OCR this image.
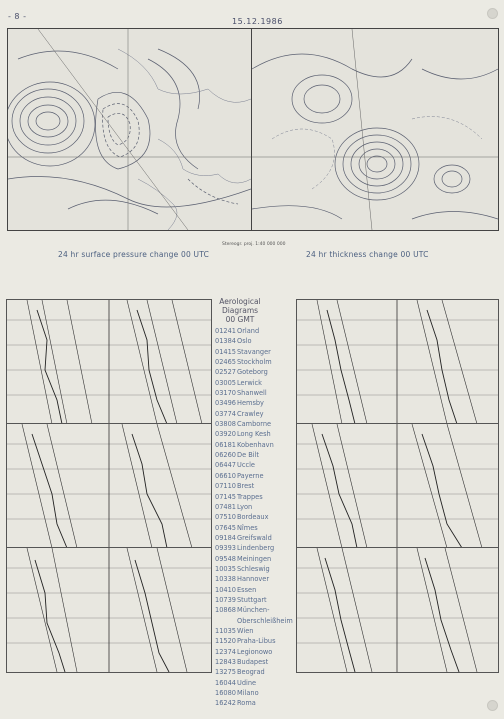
- 8 -
15.12.1986
Stereogr. proj. 1:40 000 000
24 hr surface pressure change 00 UTC	24 hr thickness change 00 UTC
Aerological
Diagrams
00 GMT
01241Orland
01384Oslo
01415Stavanger
02465Stockholm
02527Goteborg
03005Lerwick
03170Shanwell
03496Hemsby
03774Crawley
03808Camborne
03920Long Kesh
06181Kobenhavn
06260De Bilt
06447Uccle
06610Payerne
07110Brest
07145Trappes
07481Lyon
07510Bordeaux
07645Nîmes
09184Greifswald
09393Lindenberg
09548Meiningen
10035Schleswig
10338Hannover
10410Essen
10739Stuttgart
10868München-
Oberschleißheim
11035Wien
11520Praha-Libus
12374Legionowo
12843Budapest
13275Beograd
16044Udine
16080Milano
16242Roma
